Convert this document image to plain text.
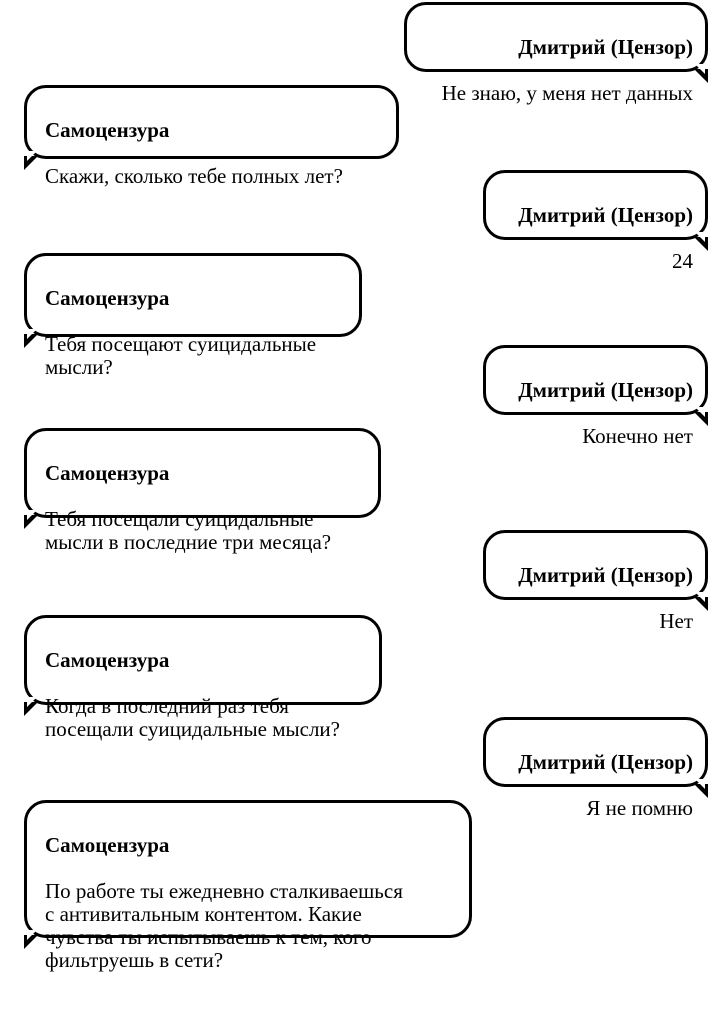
Дмитрий (Цензор)

Не знаю, у меня нет данных

Самоцензура

Скажи, сколько тебе полных лет?

Дмитрий (Цензор)

24

Самоцензура

Тебя посещают суицидальные
мысли?

Дмитрий (Цензор)

Конечно нет

Самоцензура

Тебя посещали суицидальные
мысли в последние три месяца?

Дмитрий (Цензор)

Нет

Самоцензура

Когда в последний раз тебя
посещали суицидальные мысли?

Дмитрий (Цензор)

Я не помню

Самоцензура

По работе ты ежедневно сталкиваешься
с антивитальным контентом. Какие
чувства ты испытываешь к тем, кого
фильтруешь в сети?
